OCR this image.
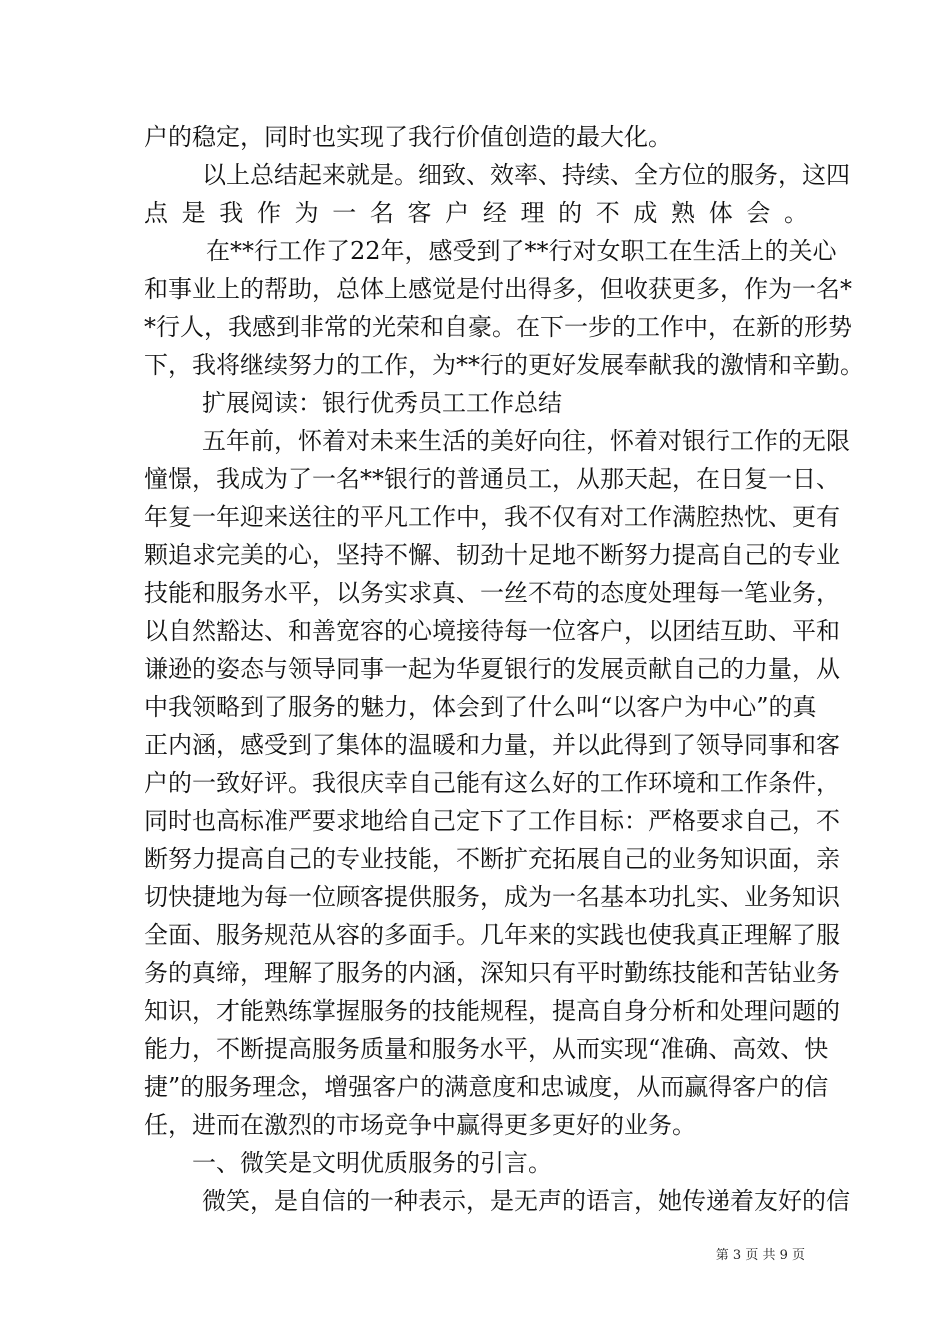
户的稳定，同时也实现了我行价值创造的最大化。
以上总结起来就是。细致、效率、持续、全方位的服务，这四
点是我作为一名客户经理的不成熟体会。
在**行工作了22年，感受到了**行对女职工在生活上的关心
和事业上的帮助，总体上感觉是付出得多，但收获更多，作为一名*
*行人，我感到非常的光荣和自豪。在下一步的工作中，在新的形势
下，我将继续努力的工作，为**行的更好发展奉献我的激情和辛勤。
扩展阅读：银行优秀员工工作总结
五年前，怀着对未来生活的美好向往，怀着对银行工作的无限
憧憬，我成为了一名**银行的普通员工，从那天起，在日复一日、
年复一年迎来送往的平凡工作中，我不仅有对工作满腔热忱、更有
颗追求完美的心，坚持不懈、韧劲十足地不断努力提高自己的专业
技能和服务水平，以务实求真、一丝不苟的态度处理每一笔业务，
以自然豁达、和善宽容的心境接待每一位客户，以团结互助、平和
谦逊的姿态与领导同事一起为华夏银行的发展贡献自己的力量，从
中我领略到了服务的魅力，体会到了什么叫“以客户为中心”的真
正内涵，感受到了集体的温暖和力量，并以此得到了领导同事和客
户的一致好评。我很庆幸自己能有这么好的工作环境和工作条件，
同时也高标准严要求地给自己定下了工作目标：严格要求自己，不
断努力提高自己的专业技能，不断扩充拓展自己的业务知识面，亲
切快捷地为每一位顾客提供服务，成为一名基本功扎实、业务知识
全面、服务规范从容的多面手。几年来的实践也使我真正理解了服
务的真缔，理解了服务的内涵，深知只有平时勤练技能和苦钻业务
知识，才能熟练掌握服务的技能规程，提高自身分析和处理问题的
能力，不断提高服务质量和服务水平，从而实现“准确、高效、快
捷”的服务理念，增强客户的满意度和忠诚度，从而赢得客户的信
任，进而在激烈的市场竞争中赢得更多更好的业务。
一、微笑是文明优质服务的引言。
微笑，是自信的一种表示，是无声的语言，她传递着友好的信
第 3 页 共 9 页
